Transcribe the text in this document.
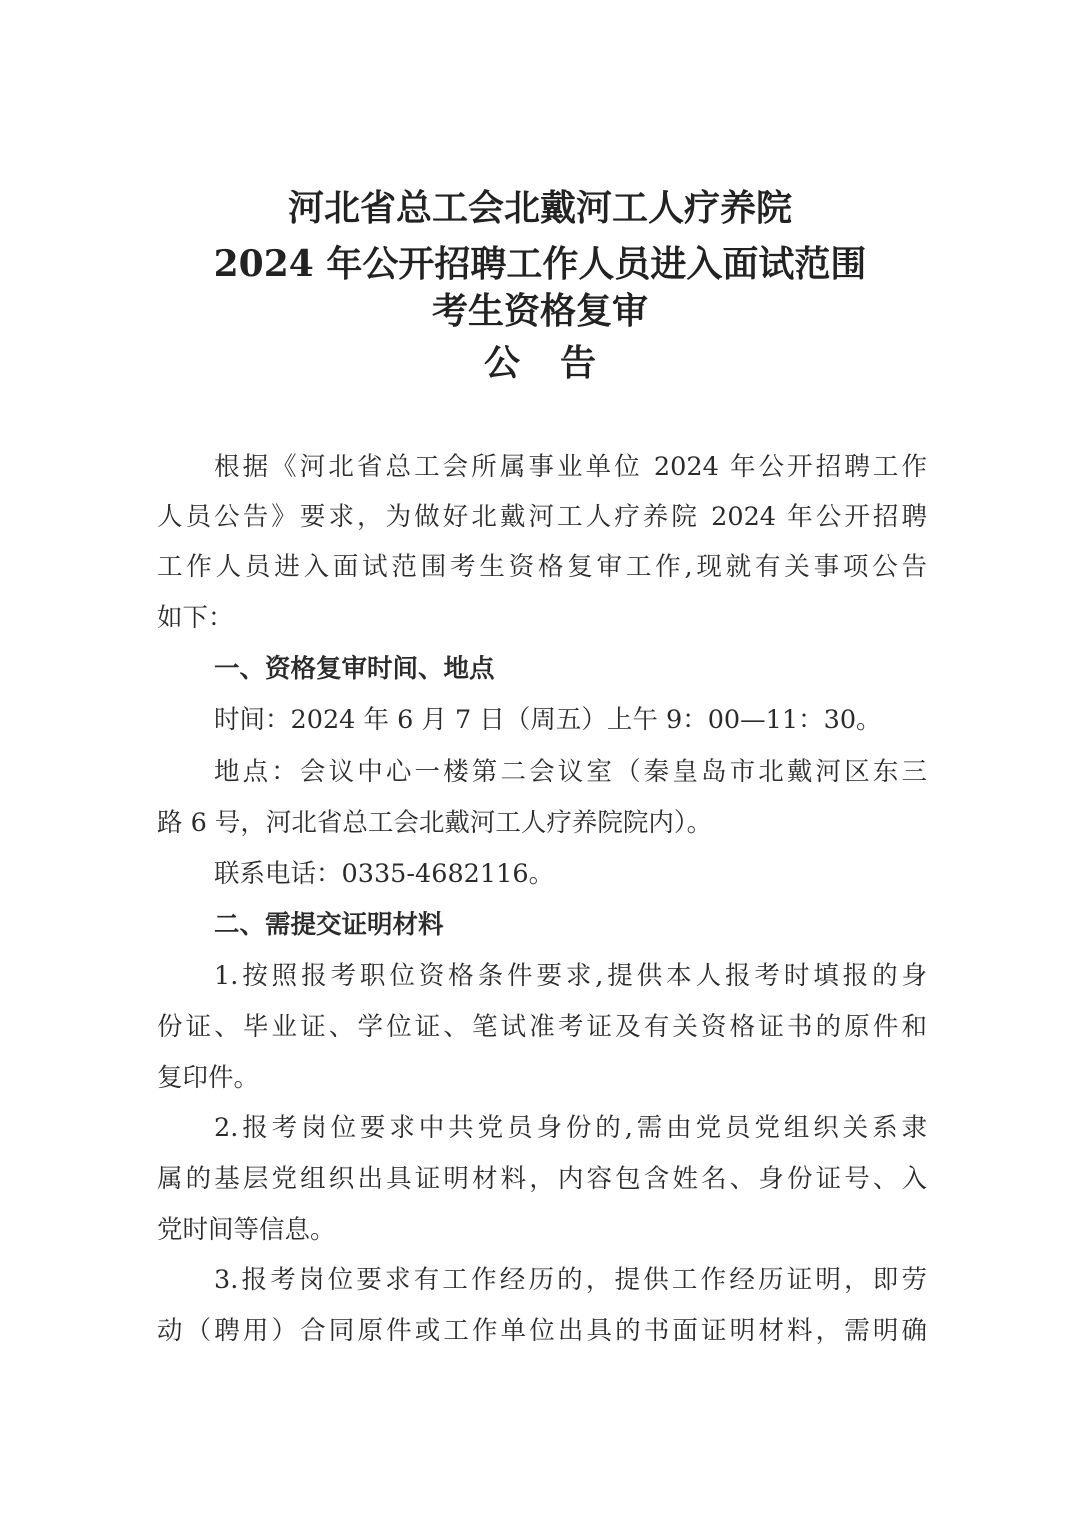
河北省总工会北戴河工人疗养院
2024 年公开招聘工作人员进入面试范围
考生资格复审
公告
根据《河北省总工会所属事业单位 2024 年公开招聘工作
人员公告》要求，为做好北戴河工人疗养院 2024 年公开招聘
工作人员进入面试范围考生资格复审工作,现就有关事项公告
如下：
一、资格复审时间、地点
时间：2024 年 6 月 7 日（周五）上午 9：00—11：30。
地点：会议中心一楼第二会议室（秦皇岛市北戴河区东三
路 6 号，河北省总工会北戴河工人疗养院院内）。
联系电话：0335-4682116。
二、需提交证明材料
1.按照报考职位资格条件要求,提供本人报考时填报的身
份证、毕业证、学位证、笔试准考证及有关资格证书的原件和
复印件。
2.报考岗位要求中共党员身份的,需由党员党组织关系隶
属的基层党组织出具证明材料，内容包含姓名、身份证号、入
党时间等信息。
3.报考岗位要求有工作经历的，提供工作经历证明，即劳
动（聘用）合同原件或工作单位出具的书面证明材料，需明确
